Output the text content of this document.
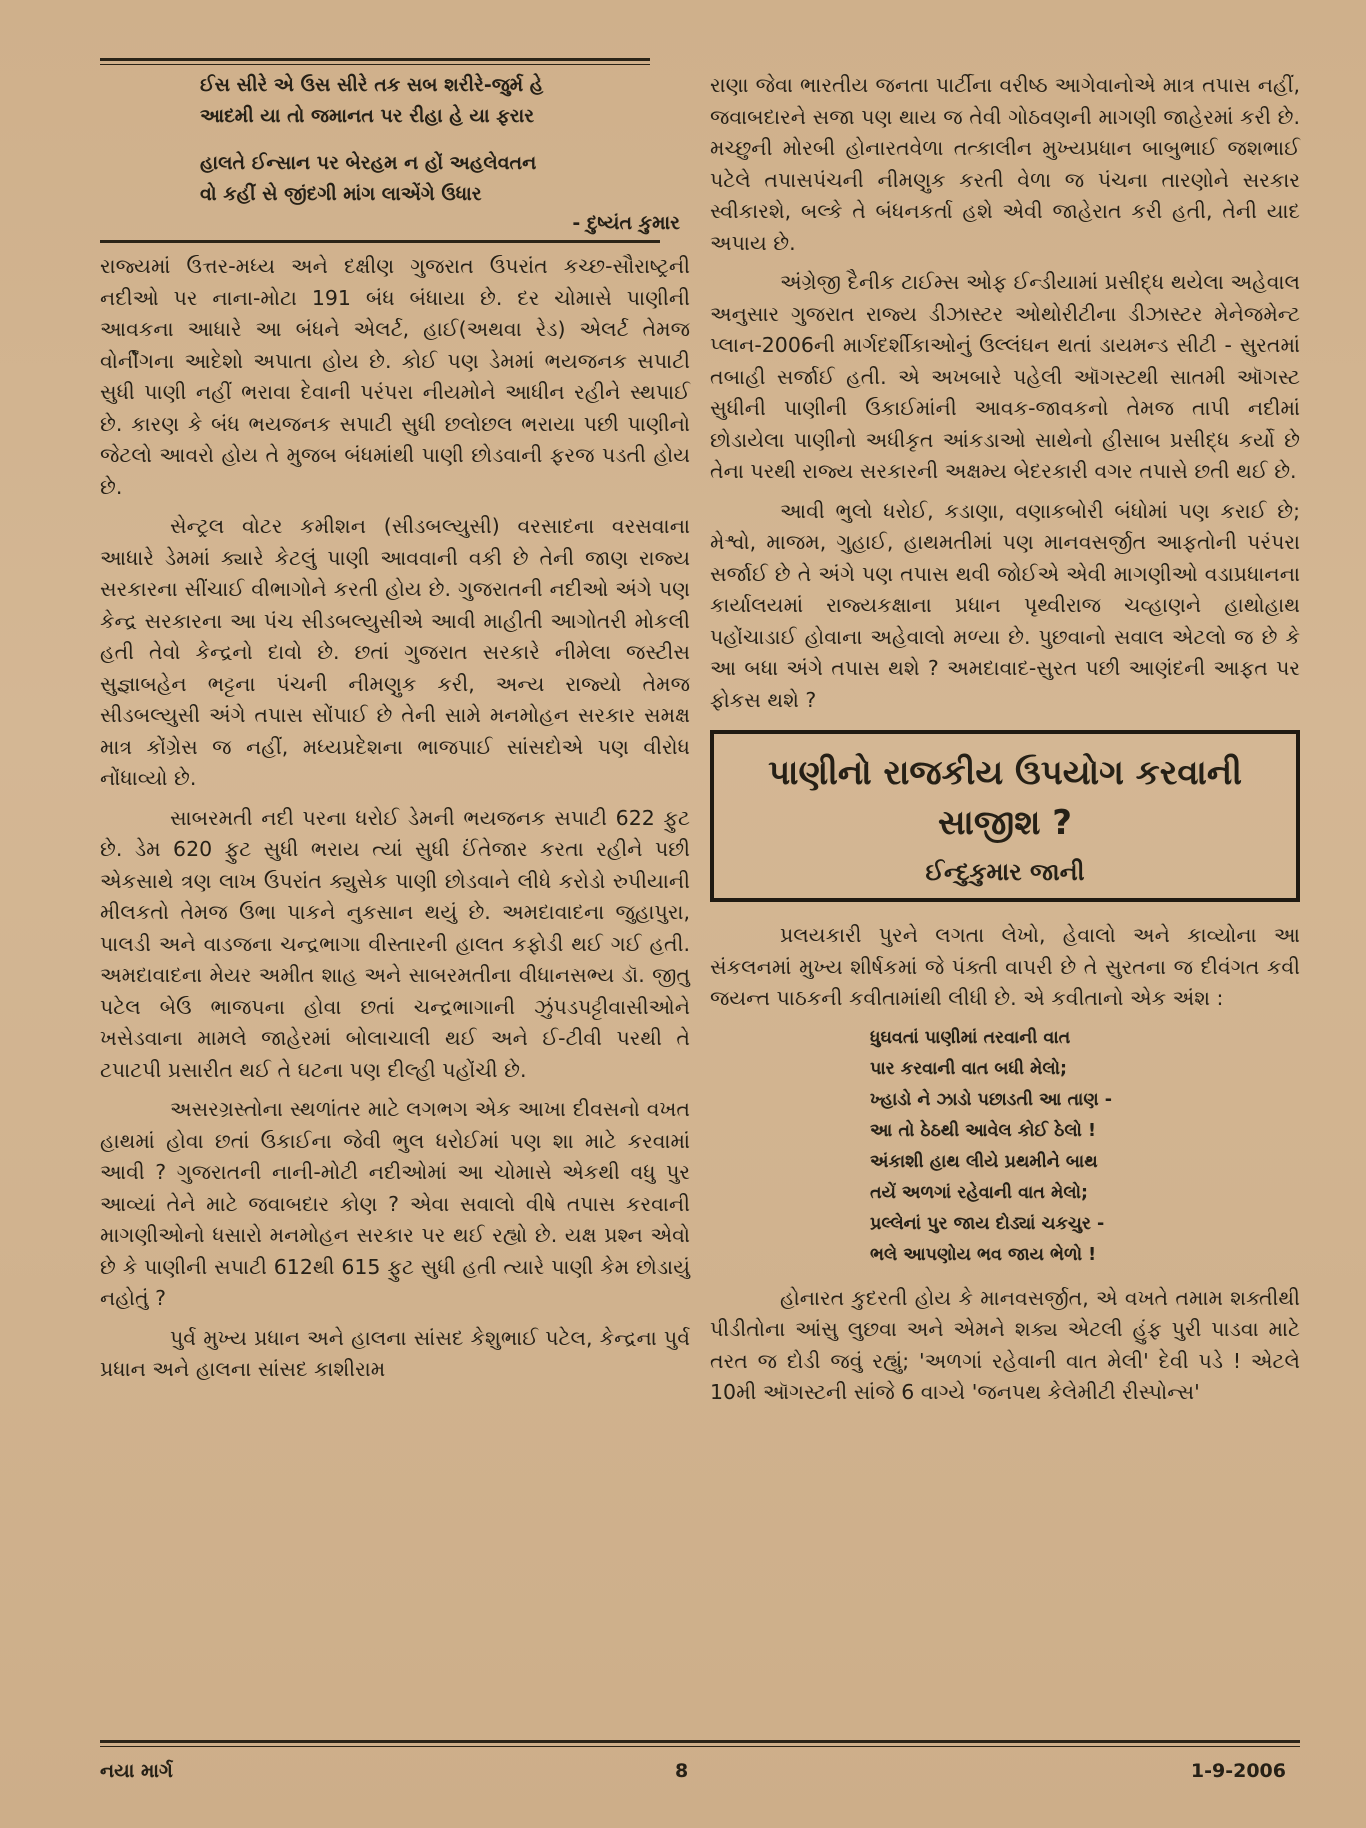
ઈસ સીરે એ ઉસ સીરે તક સબ શરીરે-જુર્મ હે

આદમી યા તો જમાનત પર રીહા હે યા ફરાર

હાલતે ઈન્સાન પર બેરહમ ન હોં અહલેવતન

વો કહીં સે જીંદગી માંગ લાએંગે ઉધાર

- દુષ્યંત કુમાર

રાજ્યમાં ઉત્તર-મધ્ય અને દક્ષીણ ગુજરાત ઉપરાંત કચ્છ-સૌરાષ્ટ્રની નદીઓ પર નાના-મોટા 191 બંધ બંધાયા છે. દર ચોમાસે પાણીની આવકના આધારે આ બંધને એલર્ટ, હાઈ(અથવા રેડ) એલર્ટ તેમજ વોર્નીંગના આદેશો અપાતા હોય છે. કોઈ પણ ડેમમાં ભયજનક સપાટી સુધી પાણી નહીં ભરાવા દેવાની પરંપરા નીયમોને આધીન રહીને સ્થપાઈ છે. કારણ કે બંધ ભયજનક સપાટી સુધી છલોછલ ભરાયા પછી પાણીનો જેટલો આવરો હોય તે મુજબ બંધમાંથી પાણી છોડવાની ફરજ પડતી હોય છે.

સેન્ટ્રલ વોટર કમીશન (સીડબલ્યુસી) વરસાદના વરસવાના આધારે ડેમમાં ક્યારે કેટલું પાણી આવવાની વકી છે તેની જાણ રાજ્ય સરકારના સીંચાઈ વીભાગોને કરતી હોય છે. ગુજરાતની નદીઓ અંગે પણ કેન્દ્ર સરકારના આ પંચ સીડબલ્યુસીએ આવી માહીતી આગોતરી મોકલી હતી તેવો કેન્દ્રનો દાવો છે. છતાં ગુજરાત સરકારે નીમેલા જસ્ટીસ સુજ્ઞાબહેન ભટ્ટના પંચની નીમણુક કરી, અન્ય રાજ્યો તેમજ સીડબલ્યુસી અંગે તપાસ સોંપાઈ છે તેની સામે મનમોહન સરકાર સમક્ષ માત્ર કોંગ્રેસ જ નહીં, મધ્યપ્રદેશના ભાજપાઈ સાંસદોએ પણ વીરોધ નોંધાવ્યો છે.

સાબરમતી નદી પરના ધરોઈ ડેમની ભયજનક સપાટી 622 ફુટ છે. ડેમ 620 ફુટ સુધી ભરાય ત્યાં સુધી ઈંતેજાર કરતા રહીને પછી એકસાથે ત્રણ લાખ ઉપરાંત ક્યુસેક પાણી છોડવાને લીધે કરોડો રુપીયાની મીલકતો તેમજ ઉભા પાકને નુકસાન થયું છે. અમદાવાદના જુહાપુરા, પાલડી અને વાડજના ચન્દ્રભાગા વીસ્તારની હાલત કફોડી થઈ ગઈ હતી. અમદાવાદના મેયર અમીત શાહ અને સાબરમતીના વીધાનસભ્ય ડૉ. જીતુ પટેલ બેઉ ભાજપના હોવા છતાં ચન્દ્રભાગાની ઝુંપડપટ્ટીવાસીઓને ખસેડવાના મામલે જાહેરમાં બોલાચાલી થઈ અને ઈ-ટીવી પરથી તે ટપાટપી પ્રસારીત થઈ તે ઘટના પણ દીલ્હી પહોંચી છે.

અસરગ્રસ્તોના સ્થળાંતર માટે લગભગ એક આખા દીવસનો વખત હાથમાં હોવા છતાં ઉકાઈના જેવી ભુલ ધરોઈમાં પણ શા માટે કરવામાં આવી ? ગુજરાતની નાની-મોટી નદીઓમાં આ ચોમાસે એકથી વધુ પુર આવ્યાં તેને માટે જવાબદાર કોણ ? એવા સવાલો વીષે તપાસ કરવાની માગણીઓનો ધસારો મનમોહન સરકાર પર થઈ રહ્યો છે. યક્ષ પ્રશ્ન એવો છે કે પાણીની સપાટી 612થી 615 ફુટ સુધી હતી ત્યારે પાણી કેમ છોડાયું નહોતું ?

પુર્વ મુખ્ય પ્રધાન અને હાલના સાંસદ કેશુભાઈ પટેલ, કેન્દ્રના પુર્વ પ્રધાન અને હાલના સાંસદ કાશીરામ

રાણા જેવા ભારતીય જનતા પાર્ટીના વરીષ્ઠ આગેવાનોએ માત્ર તપાસ નહીં, જવાબદારને સજા પણ થાય જ તેવી ગોઠવણની માગણી જાહેરમાં કરી છે. મચ્છુની મોરબી હોનારતવેળા તત્કાલીન મુખ્યપ્રધાન બાબુભાઈ જશભાઈ પટેલે તપાસપંચની નીમણુક કરતી વેળા જ પંચના તારણોને સરકાર સ્વીકારશે, બલ્કે તે બંધનકર્તા હશે એવી જાહેરાત કરી હતી, તેની યાદ અપાય છે.

અંગ્રેજી દૈનીક ટાઈમ્સ ઓફ ઈન્ડીયામાં પ્રસીદ્ધ થયેલા અહેવાલ અનુસાર ગુજરાત રાજ્ય ડીઝાસ્ટર ઓથોરીટીના ડીઝાસ્ટર મેનેજમેન્ટ પ્લાન-2006ની માર્ગદર્શીકાઓનું ઉલ્લંઘન થતાં ડાયમન્ડ સીટી - સુરતમાં તબાહી સર્જાઈ હતી. એ અખબારે પહેલી ઑગસ્ટથી સાતમી ઑગસ્ટ સુધીની પાણીની ઉકાઈમાંની આવક-જાવકનો તેમજ તાપી નદીમાં છોડાયેલા પાણીનો અધીકૃત આંકડાઓ સાથેનો હીસાબ પ્રસીદ્ધ કર્યો છે તેના પરથી રાજ્ય સરકારની અક્ષમ્ય બેદરકારી વગર તપાસે છતી થઈ છે.

આવી ભુલો ધરોઈ, કડાણા, વણાકબોરી બંધોમાં પણ કરાઈ છે; મેશ્વો, માજમ, ગુહાઈ, હાથમતીમાં પણ માનવસર્જીત આફતોની પરંપરા સર્જાઈ છે તે અંગે પણ તપાસ થવી જોઈએ એવી માગણીઓ વડાપ્રધાનના કાર્યાલયમાં રાજ્યકક્ષાના પ્રધાન પૃથ્વીરાજ ચવ્હાણને હાથોહાથ પહોંચાડાઈ હોવાના અહેવાલો મળ્યા છે. પુછવાનો સવાલ એટલો જ છે કે આ બધા અંગે તપાસ થશે ? અમદાવાદ-સુરત પછી આણંદની આફત પર ફોકસ થશે ?

પાણીનો રાજકીય ઉપયોગ કરવાની સાજીશ ?
ઈન્દુકુમાર જાની

પ્રલયકારી પુરને લગતા લેખો, હેવાલો અને કાવ્યોના આ સંકલનમાં મુખ્ય શીર્ષકમાં જે પંક્તી વાપરી છે તે સુરતના જ દીવંગત કવી જયન્ત પાઠકની કવીતામાંથી લીધી છે. એ કવીતાનો એક અંશ :

ધુઘવતાં પાણીમાં તરવાની વાત

પાર કરવાની વાત બધી મેલો;

ખ્હાડો ને ઝાડો પછાડતી આ તાણ -

આ તો ઠેઠથી આવેલ કોઈ ઠેલો !

અંકાશી હાથ લીયે પ્રથમીને બાથ

તયેં અળગાં રહેવાની વાત મેલો;

પ્રલ્લેનાં પુર જાય દોડ્યાં ચકચુર -

ભલે આપણોય ભવ જાય ભેળો !

હોનારત કુદરતી હોય કે માનવસર્જીત, એ વખતે તમામ શક્તીથી પીડીતોના આંસુ લુછવા અને એમને શક્ય એટલી હુંફ પુરી પાડવા માટે તરત જ દોડી જવું રહ્યું; 'અળગાં રહેવાની વાત મેલી' દેવી પડે ! એટલે 10મી ઑગસ્ટની સાંજે 6 વાગ્યે 'જનપથ કેલેમીટી રીસ્પોન્સ'

નયા માર્ગ	8	1-9-2006
